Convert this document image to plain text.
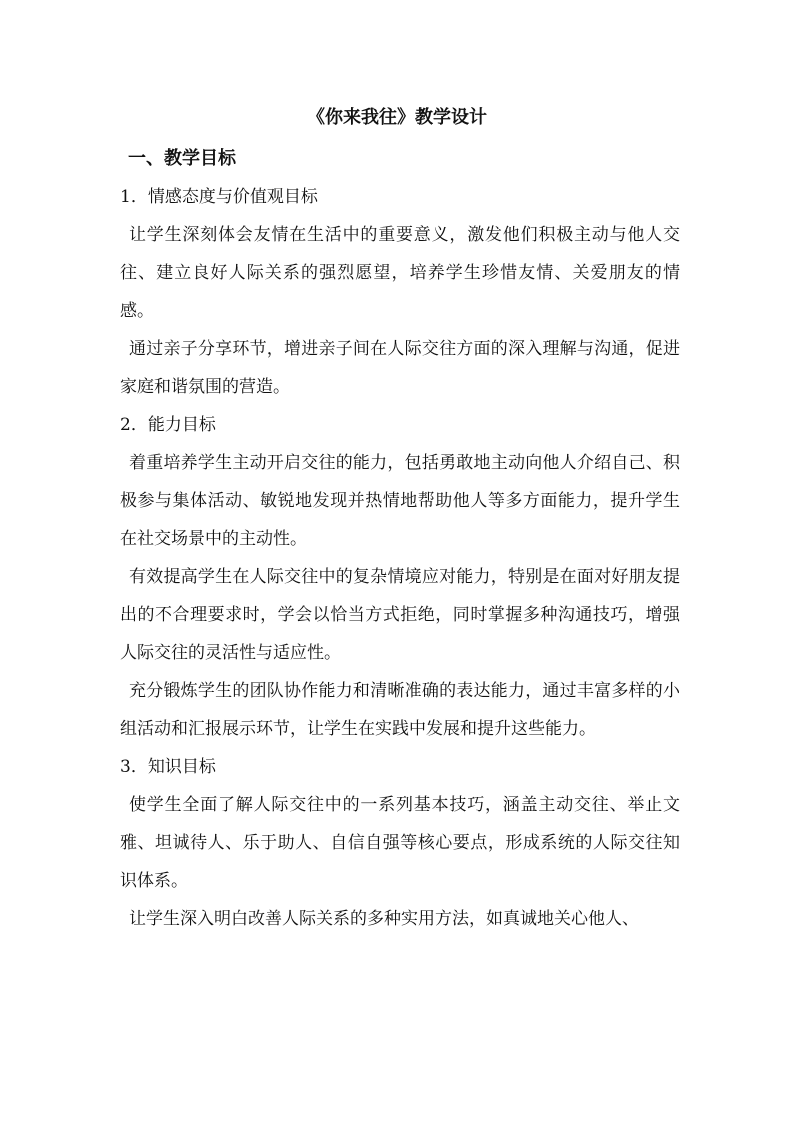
《你来我往》教学设计
一、教学目标
1．情感态度与价值观目标

让学生深刻体会友情在生活中的重要意义，激发他们积极主动与他人交往、建立良好人际关系的强烈愿望，培养学生珍惜友情、关爱朋友的情感。

通过亲子分享环节，增进亲子间在人际交往方面的深入理解与沟通，促进家庭和谐氛围的营造。

2．能力目标

着重培养学生主动开启交往的能力，包括勇敢地主动向他人介绍自己、积极参与集体活动、敏锐地发现并热情地帮助他人等多方面能力，提升学生在社交场景中的主动性。

有效提高学生在人际交往中的复杂情境应对能力，特别是在面对好朋友提出的不合理要求时，学会以恰当方式拒绝，同时掌握多种沟通技巧，增强人际交往的灵活性与适应性。

充分锻炼学生的团队协作能力和清晰准确的表达能力，通过丰富多样的小组活动和汇报展示环节，让学生在实践中发展和提升这些能力。

3．知识目标

使学生全面了解人际交往中的一系列基本技巧，涵盖主动交往、举止文雅、坦诚待人、乐于助人、自信自强等核心要点，形成系统的人际交往知识体系。

让学生深入明白改善人际关系的多种实用方法，如真诚地关心他人、
